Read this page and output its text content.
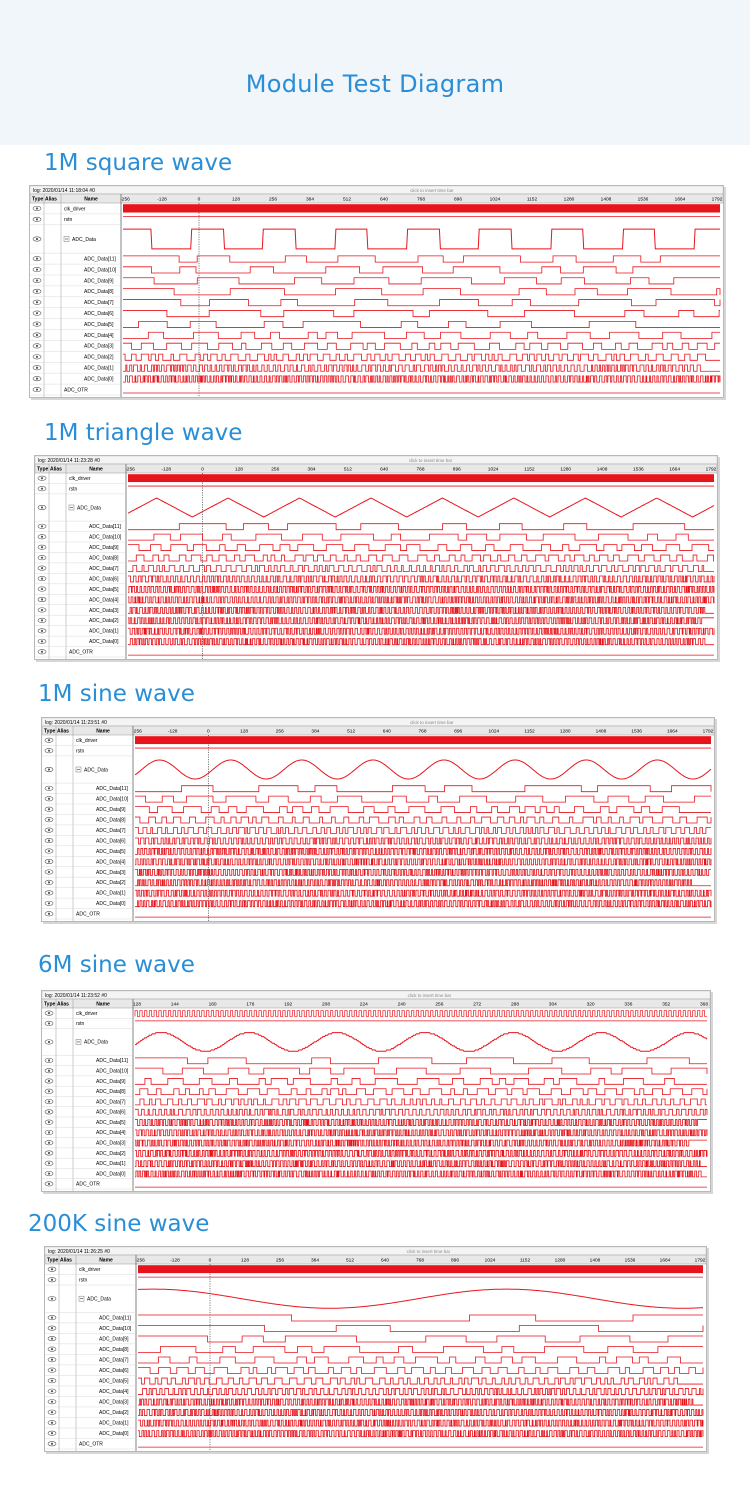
Module Test Diagram
1M square wave
log: 2020/01/14 11:18:04 #0	click to insert time bar
Type Alias	Name	-256	-128	0	128	256	384	512	640	768	896	1024	1152	1280	1408	1536	1664	1792
clk_driver
rstn
ADC_Data
ADC_Data[11]
ADC_Data[10]
ADC_Data[9]
ADC_Data[8]
ADC_Data[7]
ADC_Data[6]
ADC_Data[5]
ADC_Data[4]
ADC_Data[3]
ADC_Data[2]
ADC_Data[1]
ADC_Data[0]
ADC_OTR
1M triangle wave
log: 2020/01/14 11:23:28 #0	click to insert time bar
Type Alias	Name	-256	-128	0	128	256	384	512	640	768	896	1024	1152	1280	1408	1536	1664	1792
clk_driver
rstn
ADC_Data
ADC_Data[11]
ADC_Data[10]
ADC_Data[9]
ADC_Data[8]
ADC_Data[7]
ADC_Data[6]
ADC_Data[5]
ADC_Data[4]
ADC_Data[3]
ADC_Data[2]
ADC_Data[1]
ADC_Data[0]
ADC_OTR
1M sine wave
log: 2020/01/14 11:23:51 #0	click to insert time bar
Type Alias	Name	-256	-128	0	128	256	384	512	640	768	896	1024	1152	1280	1408	1536	1664	1792
clk_driver
rstn
ADC_Data
ADC_Data[11]
ADC_Data[10]
ADC_Data[9]
ADC_Data[8]
ADC_Data[7]
ADC_Data[6]
ADC_Data[5]
ADC_Data[4]
ADC_Data[3]
ADC_Data[2]
ADC_Data[1]
ADC_Data[0]
ADC_OTR
6M sine wave
log: 2020/01/14 11:23:52 #0	click to insert time bar
Type Alias	Name	128	144	160	176	192	208	224	240	256	272	288	304	320	336	352	368
clk_driver
rstn
ADC_Data
ADC_Data[11]
ADC_Data[10]
ADC_Data[9]
ADC_Data[8]
ADC_Data[7]
ADC_Data[6]
ADC_Data[5]
ADC_Data[4]
ADC_Data[3]
ADC_Data[2]
ADC_Data[1]
ADC_Data[0]
ADC_OTR
200K sine wave
log: 2020/01/14 11:26:25 #0	click to insert time bar
Type Alias	Name	-256	-128	0	128	256	384	512	640	768	896	1024	1152	1280	1408	1536	1664	1792
clk_driver
rstn
ADC_Data
ADC_Data[11]
ADC_Data[10]
ADC_Data[9]
ADC_Data[8]
ADC_Data[7]
ADC_Data[6]
ADC_Data[5]
ADC_Data[4]
ADC_Data[3]
ADC_Data[2]
ADC_Data[1]
ADC_Data[0]
ADC_OTR
